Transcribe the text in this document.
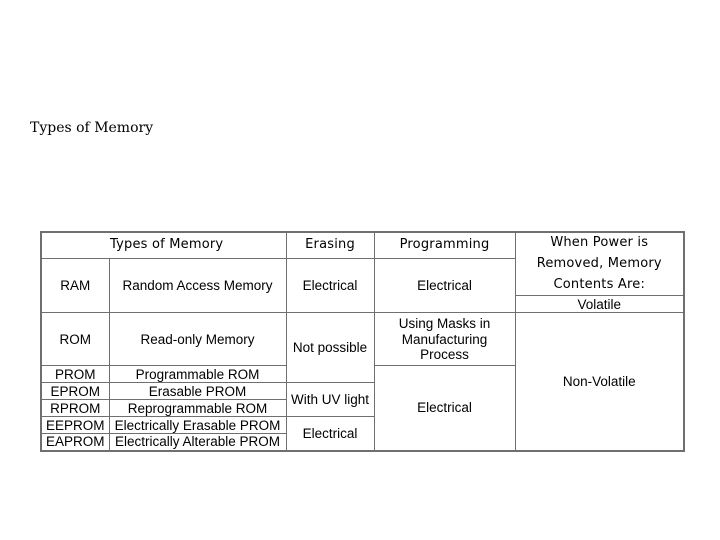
Types of Memory
Types of Memory		Erasing	Programming	When Power is Removed, Memory Contents Are:
RAM	Random Access Memory	Electrical	Electrical	
				Volatile
ROM	Read-only Memory	Not possible	Using Masks in Manufacturing Process	Non-Volatile
PROM	Programmable ROM		Electrical	
EPROM	Erasable PROM	With UV light		
RPROM	Reprogrammable ROM			
EEPROM	Electrically Erasable PROM	Electrical		
EAPROM	Electrically Alterable PROM			
